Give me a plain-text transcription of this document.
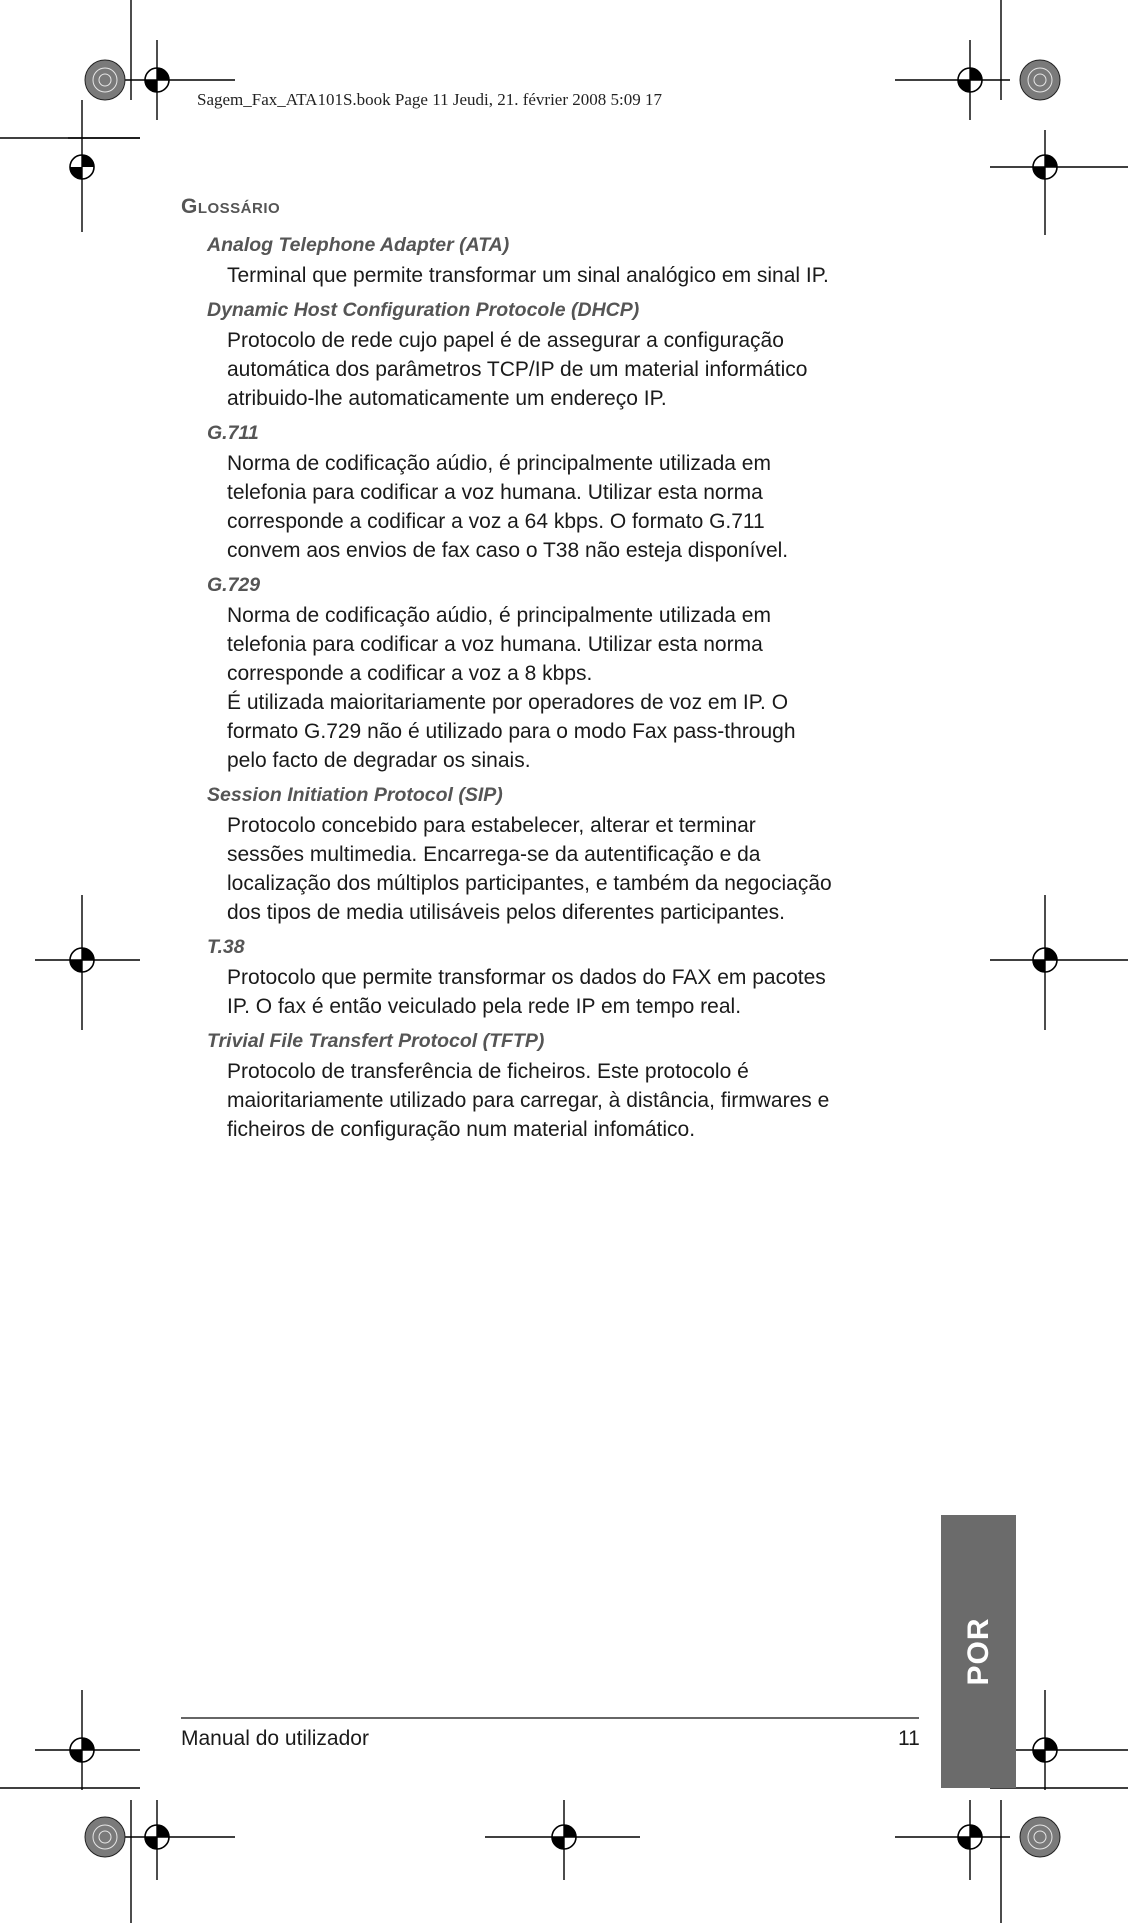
Sagem_Fax_ATA101S.book Page 11 Jeudi, 21. février 2008 5:09 17

Glossário
Analog Telephone Adapter (ATA)

Terminal que permite transformar um sinal analógico em sinal IP.

Dynamic Host Configuration Protocole (DHCP)

Protocolo de rede cujo papel é de assegurar a configuração
automática dos parâmetros TCP/IP de um material informático
atribuido-lhe automaticamente um endereço IP.

G.711

Norma de codificação aúdio, é principalmente utilizada em
telefonia para codificar a voz humana. Utilizar esta norma
corresponde a codificar a voz a 64 kbps. O formato G.711
convem aos envios de fax caso o T38 não esteja disponível.

G.729

Norma de codificação aúdio, é principalmente utilizada em
telefonia para codificar a voz humana. Utilizar esta norma
corresponde a codificar a voz a 8 kbps.
É utilizada maioritariamente por operadores de voz em IP. O
formato G.729 não é utilizado para o modo Fax pass-through
pelo facto de degradar os sinais.

Session Initiation Protocol (SIP)

Protocolo concebido para estabelecer, alterar et terminar
sessões multimedia. Encarrega-se da autentificação e da
localização dos múltiplos participantes, e também da negociação
dos tipos de media utilisáveis pelos diferentes participantes.

T.38

Protocolo que permite transformar os dados do FAX em pacotes
IP. O fax é então veiculado pela rede IP em tempo real.

Trivial File Transfert Protocol (TFTP)

Protocolo de transferência de ficheiros. Este protocolo é
maioritariamente utilizado para carregar, à distância, firmwares e
ficheiros de configuração num material infomático.

Manual do utilizador	11

POR
